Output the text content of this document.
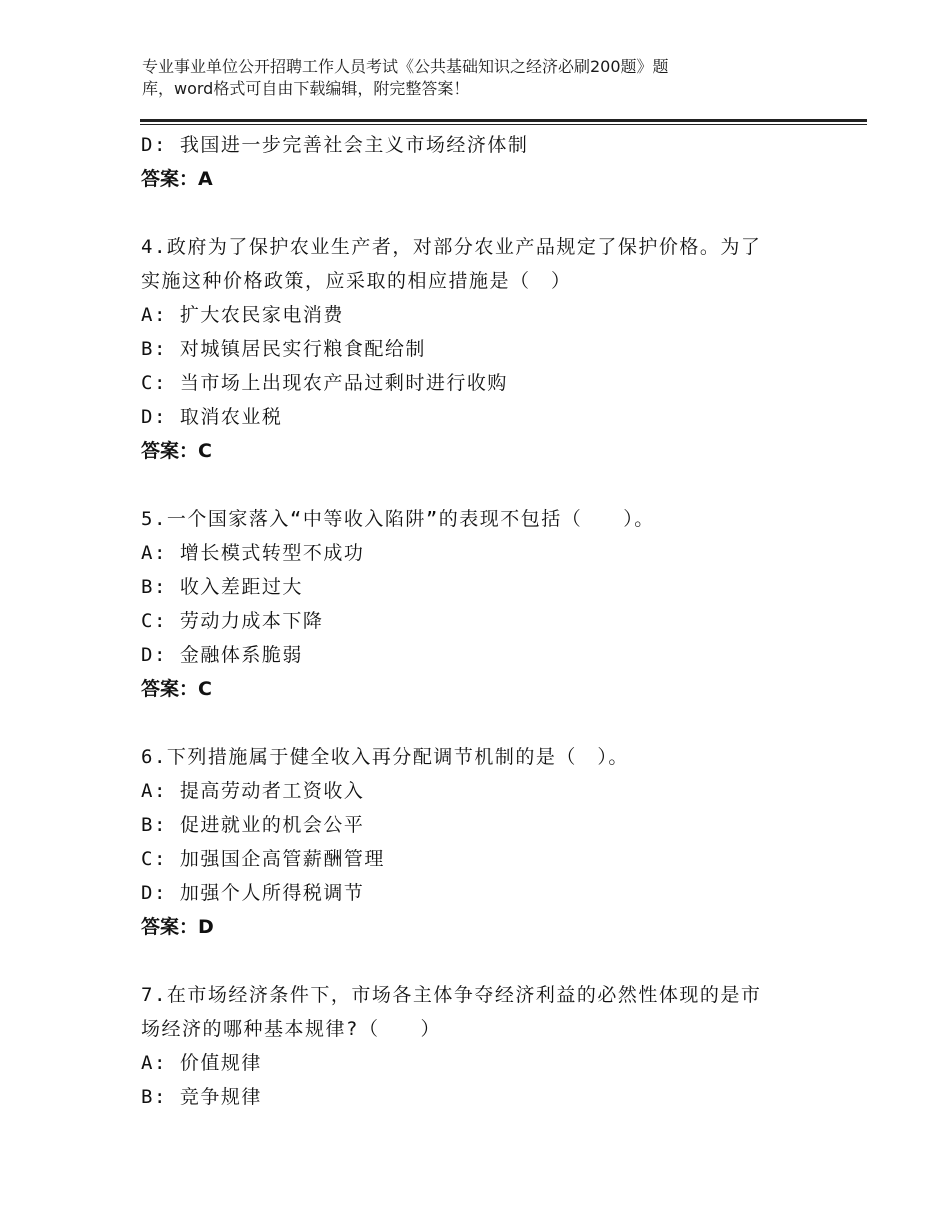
专业事业单位公开招聘工作人员考试《公共基础知识之经济必刷200题》题
库，word格式可自由下载编辑，附完整答案！
D: 我国进一步完善社会主义市场经济体制
答案：A
4.政府为了保护农业生产者，对部分农业产品规定了保护价格。为了
实施这种价格政策，应采取的相应措施是（　）
A: 扩大农民家电消费
B: 对城镇居民实行粮食配给制
C: 当市场上出现农产品过剩时进行收购
D: 取消农业税
答案：C
5.一个国家落入“中等收入陷阱”的表现不包括（　　）。
A: 增长模式转型不成功
B: 收入差距过大
C: 劳动力成本下降
D: 金融体系脆弱
答案：C
6.下列措施属于健全收入再分配调节机制的是（　）。
A: 提高劳动者工资收入
B: 促进就业的机会公平
C: 加强国企高管薪酬管理
D: 加强个人所得税调节
答案：D
7.在市场经济条件下，市场各主体争夺经济利益的必然性体现的是市
场经济的哪种基本规律?（　　）
A: 价值规律
B: 竞争规律
